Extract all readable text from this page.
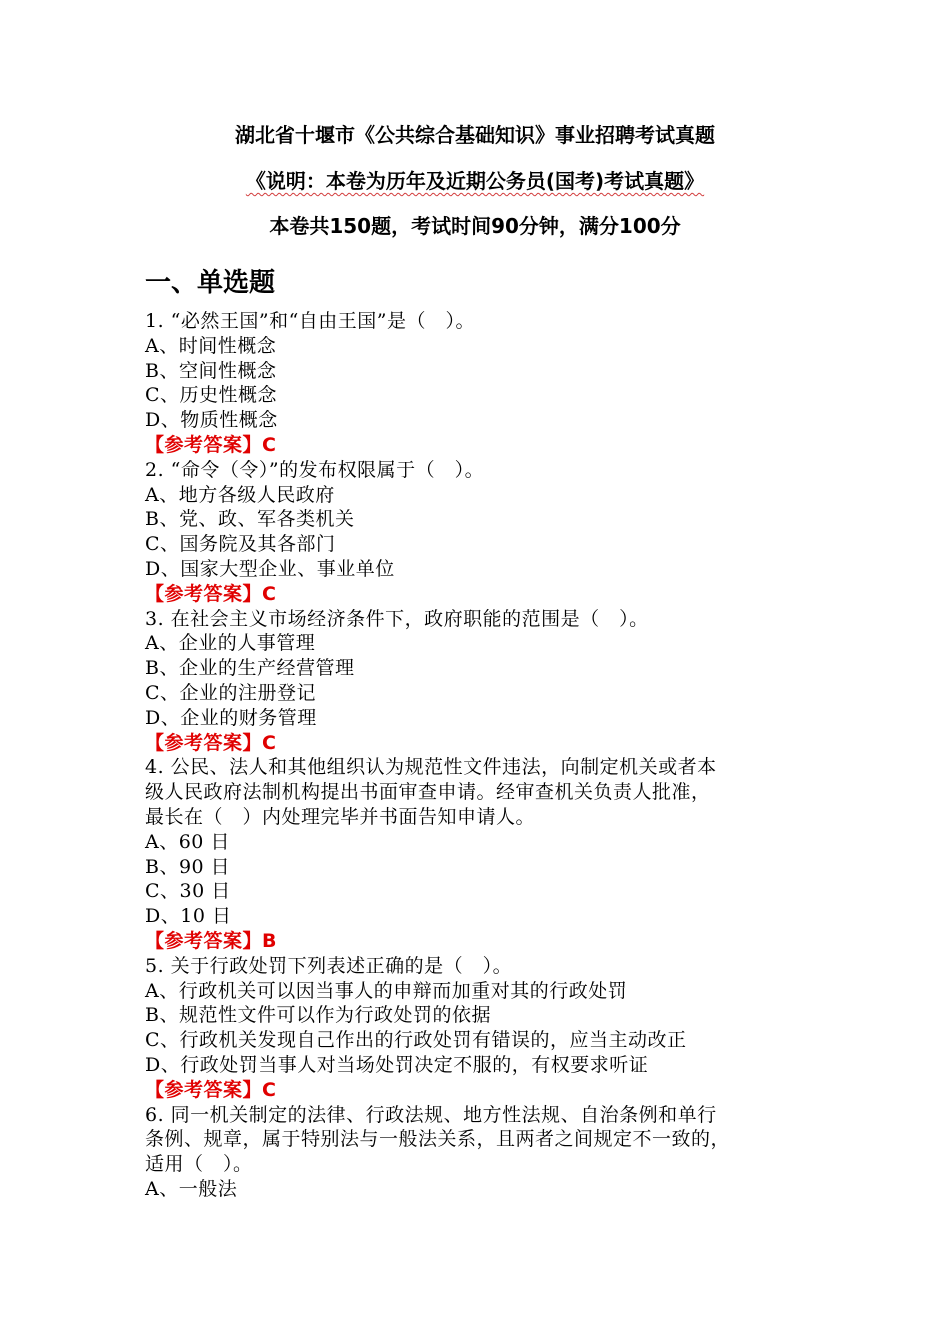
湖北省十堰市《公共综合基础知识》事业招聘考试真题
《说明：本卷为历年及近期公务员(国考)考试真题》
本卷共150题，考试时间90分钟，满分100分
一、单选题
1. “必然王国”和“自由王国”是（　）。
A、时间性概念
B、空间性概念
C、历史性概念
D、物质性概念
【参考答案】C
2. “命令（令）”的发布权限属于（　）。
A、地方各级人民政府
B、党、政、军各类机关
C、国务院及其各部门
D、国家大型企业、事业单位
【参考答案】C
3. 在社会主义市场经济条件下，政府职能的范围是（　）。
A、企业的人事管理
B、企业的生产经营管理
C、企业的注册登记
D、企业的财务管理
【参考答案】C
4. 公民、法人和其他组织认为规范性文件违法，向制定机关或者本
级人民政府法制机构提出书面审查申请。经审查机关负责人批准，
最长在（　）内处理完毕并书面告知申请人。
A、60 日
B、90 日
C、30 日
D、10 日
【参考答案】B
5. 关于行政处罚下列表述正确的是（　）。
A、行政机关可以因当事人的申辩而加重对其的行政处罚
B、规范性文件可以作为行政处罚的依据
C、行政机关发现自己作出的行政处罚有错误的，应当主动改正
D、行政处罚当事人对当场处罚决定不服的，有权要求听证
【参考答案】C
6. 同一机关制定的法律、行政法规、地方性法规、自治条例和单行
条例、规章，属于特别法与一般法关系，且两者之间规定不一致的，
适用（　）。
A、一般法
